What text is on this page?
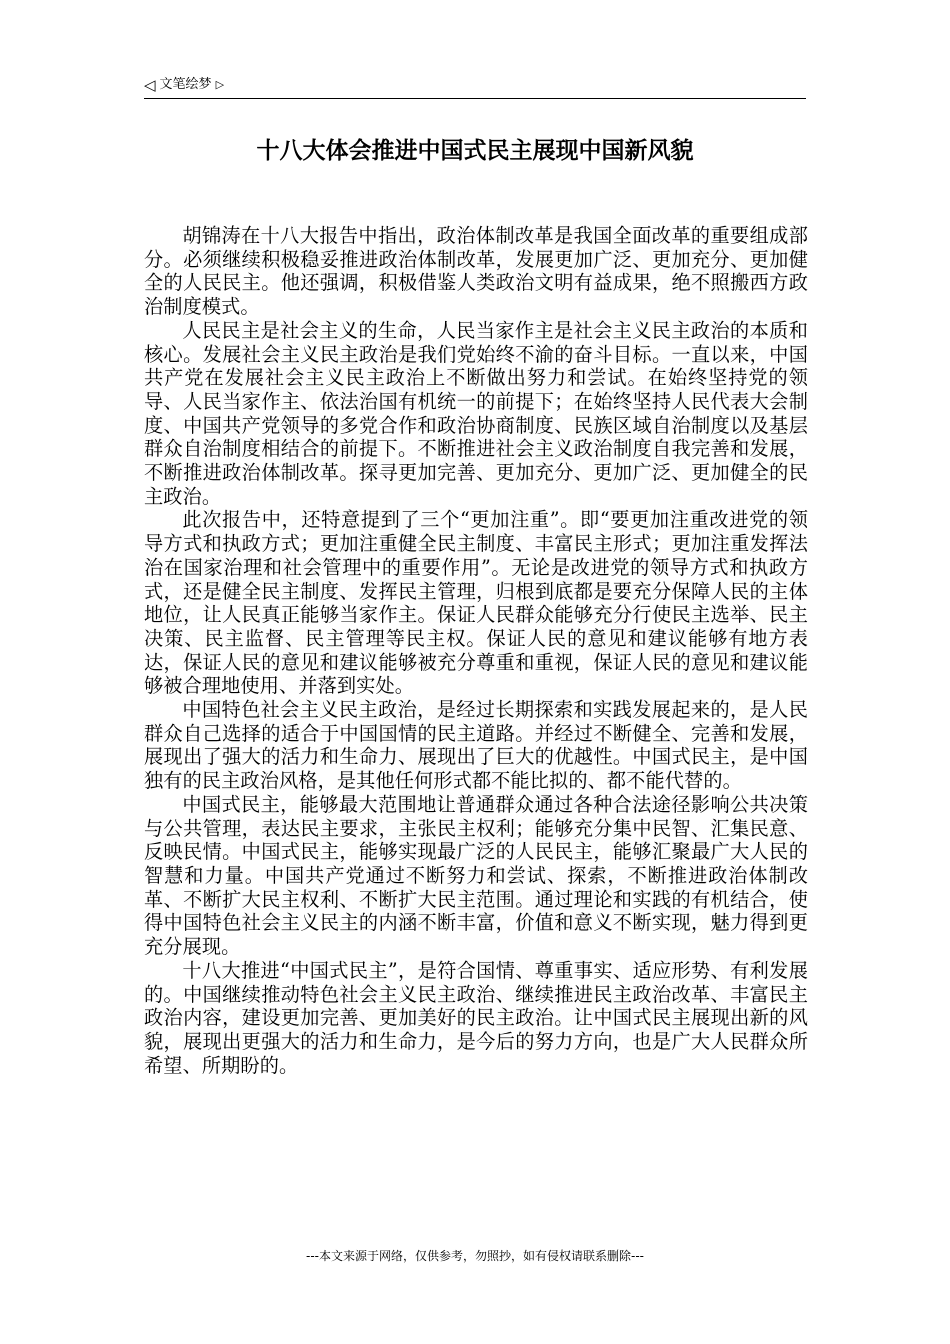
◁ 文笔绘梦 ▷
十八大体会推进中国式民主展现中国新风貌

胡锦涛在十八大报告中指出，政治体制改革是我国全面改革的重要组成部分。必须继续积极稳妥推进政治体制改革，发展更加广泛、更加充分、更加健全的人民民主。他还强调，积极借鉴人类政治文明有益成果，绝不照搬西方政治制度模式。

人民民主是社会主义的生命，人民当家作主是社会主义民主政治的本质和核心。发展社会主义民主政治是我们党始终不渝的奋斗目标。一直以来，中国共产党在发展社会主义民主政治上不断做出努力和尝试。在始终坚持党的领导、人民当家作主、依法治国有机统一的前提下；在始终坚持人民代表大会制度、中国共产党领导的多党合作和政治协商制度、民族区域自治制度以及基层群众自治制度相结合的前提下。不断推进社会主义政治制度自我完善和发展，不断推进政治体制改革。探寻更加完善、更加充分、更加广泛、更加健全的民主政治。

此次报告中，还特意提到了三个“更加注重”。即“要更加注重改进党的领导方式和执政方式；更加注重健全民主制度、丰富民主形式；更加注重发挥法治在国家治理和社会管理中的重要作用”。无论是改进党的领导方式和执政方式，还是健全民主制度、发挥民主管理，归根到底都是要充分保障人民的主体地位，让人民真正能够当家作主。保证人民群众能够充分行使民主选举、民主决策、民主监督、民主管理等民主权。保证人民的意见和建议能够有地方表达，保证人民的意见和建议能够被充分尊重和重视，保证人民的意见和建议能够被合理地使用、并落到实处。

中国特色社会主义民主政治，是经过长期探索和实践发展起来的，是人民群众自己选择的适合于中国国情的民主道路。并经过不断健全、完善和发展，展现出了强大的活力和生命力、展现出了巨大的优越性。中国式民主，是中国独有的民主政治风格，是其他任何形式都不能比拟的、都不能代替的。

中国式民主，能够最大范围地让普通群众通过各种合法途径影响公共决策与公共管理，表达民主要求，主张民主权利；能够充分集中民智、汇集民意、反映民情。中国式民主，能够实现最广泛的人民民主，能够汇聚最广大人民的智慧和力量。中国共产党通过不断努力和尝试、探索，不断推进政治体制改革、不断扩大民主权利、不断扩大民主范围。通过理论和实践的有机结合，使得中国特色社会主义民主的内涵不断丰富，价值和意义不断实现，魅力得到更充分展现。

十八大推进“中国式民主”，是符合国情、尊重事实、适应形势、有利发展的。中国继续推动特色社会主义民主政治、继续推进民主政治改革、丰富民主政治内容，建设更加完善、更加美好的民主政治。让中国式民主展现出新的风貌，展现出更强大的活力和生命力，是今后的努力方向，也是广大人民群众所希望、所期盼的。

---本文来源于网络，仅供参考，勿照抄，如有侵权请联系删除---
